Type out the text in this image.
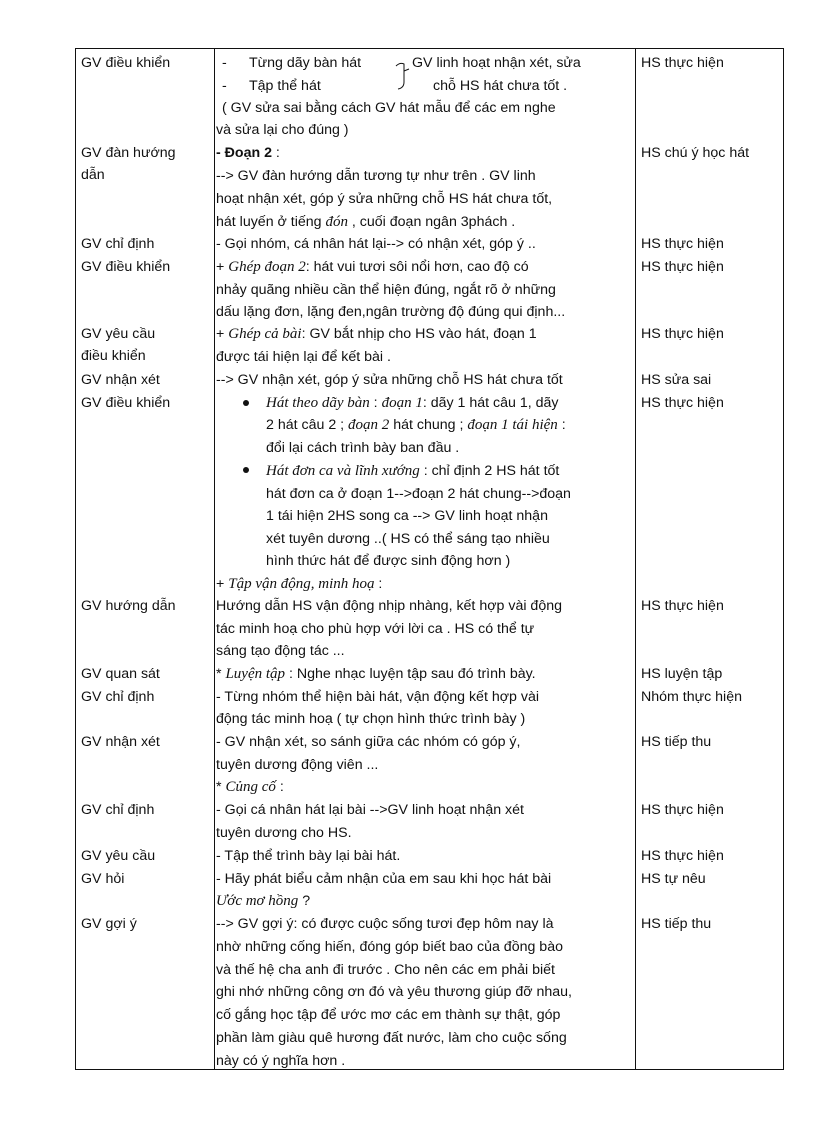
GV điều khiển
GV đàn hướng
dẫn
GV chỉ định
GV điều khiển
GV yêu cầu
điều khiển
GV nhận xét
GV điều khiển
GV hướng dẫn
GV quan sát
GV chỉ định
GV nhận xét
GV chỉ định
GV yêu cầu
GV hỏi
GV gợi ý
HS thực hiện
HS chú ý học hát
HS thực hiện
HS thực hiện
HS thực hiện
HS sửa sai
HS thực hiện
HS thực hiện
HS luyện tập
Nhóm thực hiện
HS tiếp thu
HS thực hiện
HS thực hiện
HS tự nêu
HS tiếp thu
-
-
Từng dãy bàn hát
Tập thể hát
GV linh hoạt nhận xét, sửa
chỗ HS hát chưa tốt .
( GV sửa sai bằng cách GV hát mẫu để các em nghe
và sửa lại cho đúng )
- Đoạn 2 :
--> GV đàn hướng dẫn tương tự như trên . GV linh
hoạt nhận xét, góp ý sửa những chỗ HS hát chưa tốt,
hát luyến ở tiếng đón , cuối đoạn ngân 3phách .
- Gọi nhóm, cá nhân hát lại--> có nhận xét, góp ý ..
+ Ghép đoạn 2: hát vui tươi sôi nổi hơn, cao độ có
nhảy quãng nhiều cần thể hiện đúng, ngắt rõ ở những
dấu lặng đơn, lặng đen,ngân trường độ đúng qui định...
+ Ghép cả bài: GV bắt nhịp cho HS vào hát, đoạn 1
được tái hiện lại để kết bài .
--> GV nhận xét, góp ý sửa những chỗ HS hát chưa tốt
Hát theo dãy bàn : đoạn 1: dãy 1 hát câu 1, dãy
2 hát câu 2 ; đoạn 2 hát chung ; đoạn 1 tái hiện :
đổi lại cách trình bày ban đầu .
Hát đơn ca và lĩnh xướng : chỉ định 2 HS hát tốt
hát đơn ca ở đoạn 1-->đoạn 2 hát chung-->đoạn
1 tái hiện 2HS song ca --> GV linh hoạt nhận
xét tuyên dương ..( HS có thể sáng tạo nhiều
hình thức hát để được sinh động hơn )
+ Tập vận động, minh hoạ :
Hướng dẫn HS vận động nhịp nhàng, kết hợp vài động
tác minh hoạ cho phù hợp với lời ca . HS có thể tự
sáng tạo động tác ...
* Luyện tập : Nghe nhạc luyện tập sau đó trình bày.
- Từng nhóm thể hiện bài hát, vận động kết hợp vài
động tác minh hoạ ( tự chọn hình thức trình bày )
- GV nhận xét, so sánh giữa các nhóm có góp ý,
tuyên dương động viên ...
* Củng cố :
- Gọi cá nhân hát lại bài -->GV linh hoạt nhận xét
tuyên dương cho HS.
- Tập thể trình bày lại bài hát.
- Hãy phát biểu cảm nhận của em sau khi học hát bài
Ước mơ hồng ?
--> GV gợi ý: có được cuộc sống tươi đẹp hôm nay là
nhờ những cống hiến, đóng góp biết bao của đồng bào
và thế hệ cha anh đi trước . Cho nên các em phải biết
ghi nhớ những công ơn đó và yêu thương giúp đỡ nhau,
cố gắng học tập để ước mơ các em thành sự thật, góp
phần làm giàu quê hương đất nước, làm cho cuộc sống
này có ý nghĩa hơn .
